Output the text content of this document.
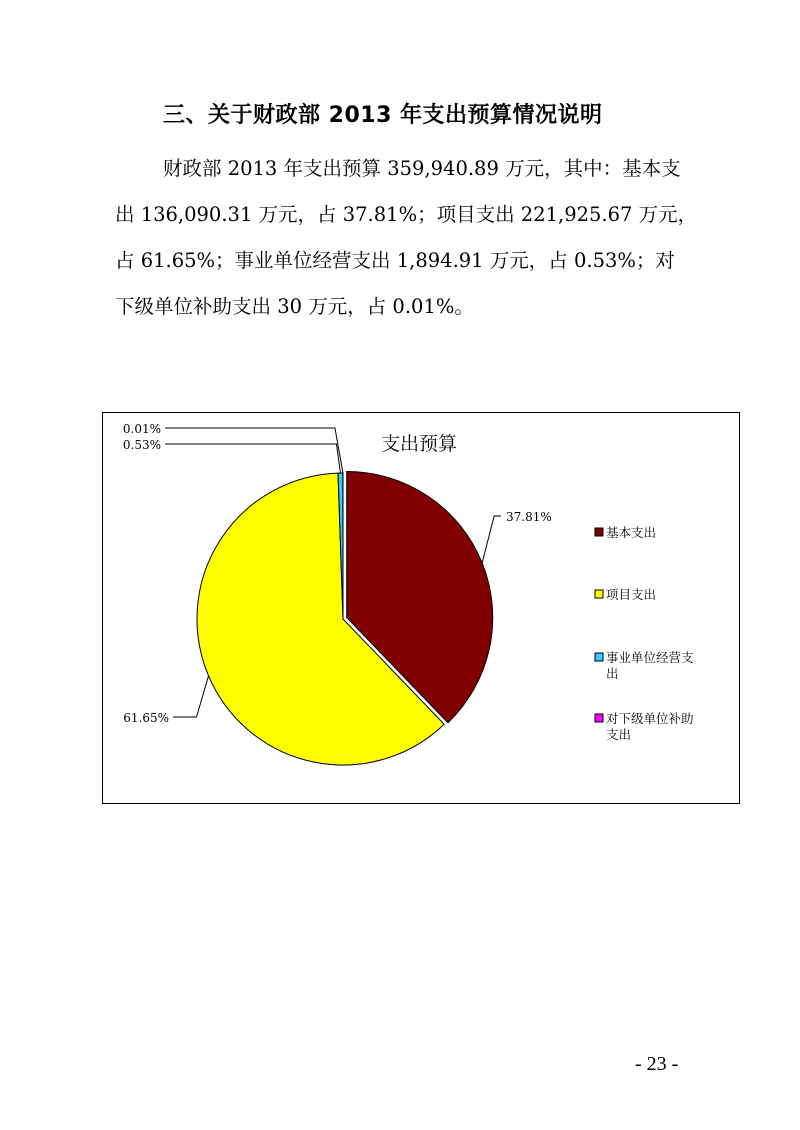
三、关于财政部 2013 年支出预算情况说明
财政部 2013 年支出预算 359,940.89 万元，其中：基本支
出 136,090.31 万元，占 37.81%；项目支出 221,925.67 万元，
占 61.65%；事业单位经营支出 1,894.91 万元，占 0.53%；对
下级单位补助支出 30 万元，占 0.01%。
支出预算
37.81%
61.65%
0.53%
0.01%
基本支出
项目支出
事业单位经营支
出
对下级单位补助
支出
- 23 -
